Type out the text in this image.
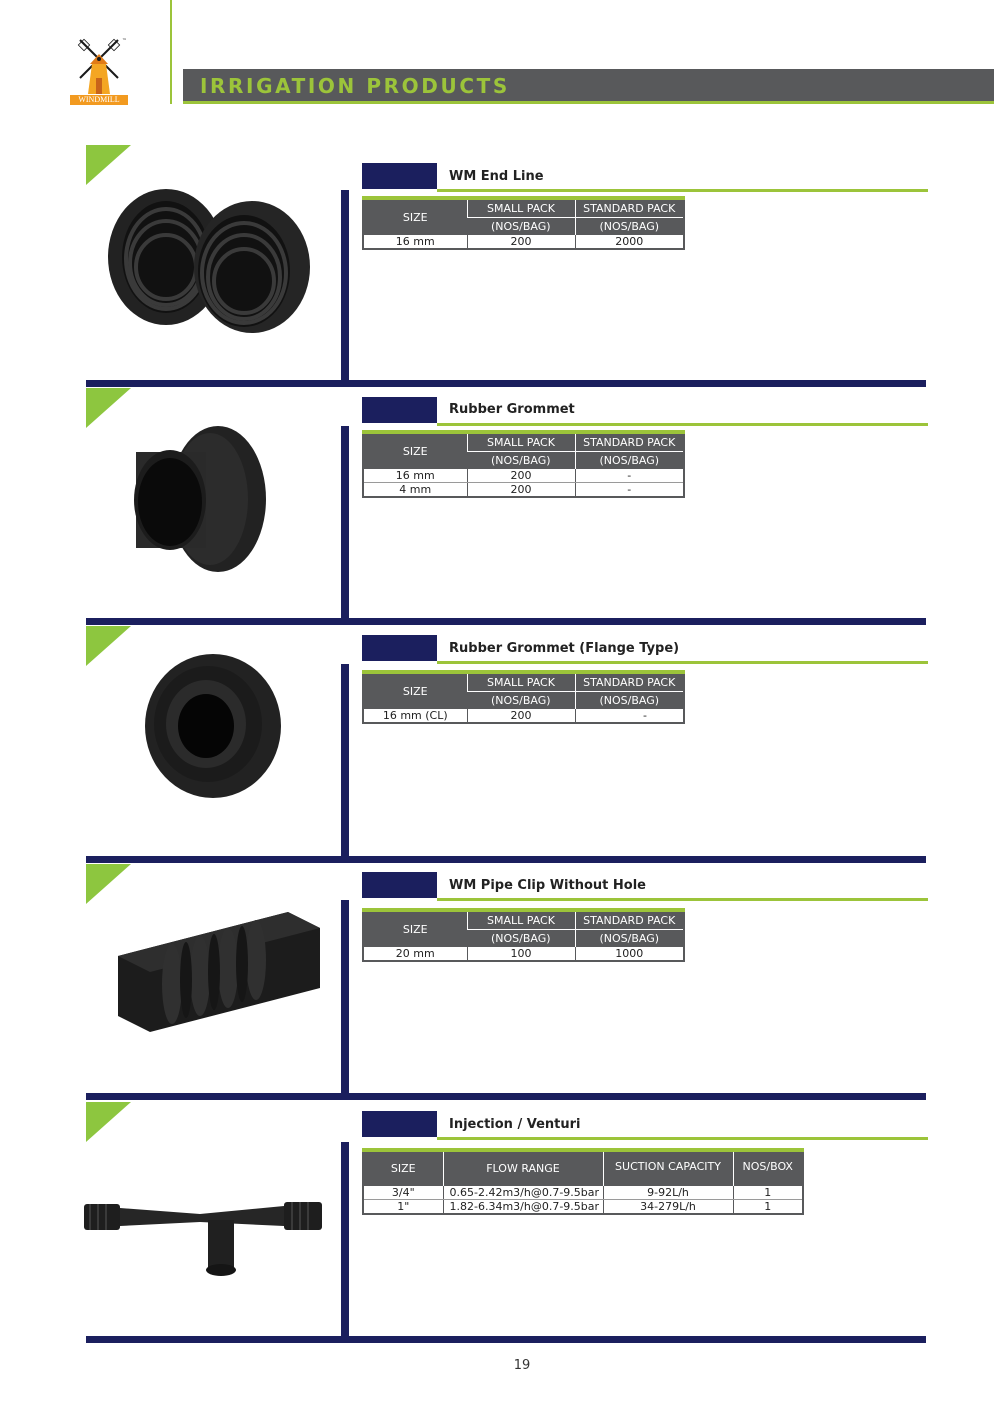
™
WINDMILL
IRRIGATION PRODUCTS
WM End Line
SIZE	SMALL PACK	STANDARD PACK
	(NOS/BAG)	(NOS/BAG)
16 mm	200	2000
Rubber Grommet
SIZE	SMALL PACK	STANDARD PACK
	(NOS/BAG)	(NOS/BAG)
16 mm	200	-
4 mm	200	-
Rubber Grommet (Flange Type)
SIZE	SMALL PACK	STANDARD PACK
	(NOS/BAG)	(NOS/BAG)
16 mm (CL)	200	-
WM Pipe Clip Without Hole
SIZE	SMALL PACK	STANDARD PACK
	(NOS/BAG)	(NOS/BAG)
20 mm	100	1000
Injection / Venturi
SIZE	FLOW RANGE	SUCTION CAPACITY	NOS/BOX
3/4"	0.65-2.42m3/h@0.7-9.5bar	9-92L/h	1
1"	1.82-6.34m3/h@0.7-9.5bar	34-279L/h	1
19
